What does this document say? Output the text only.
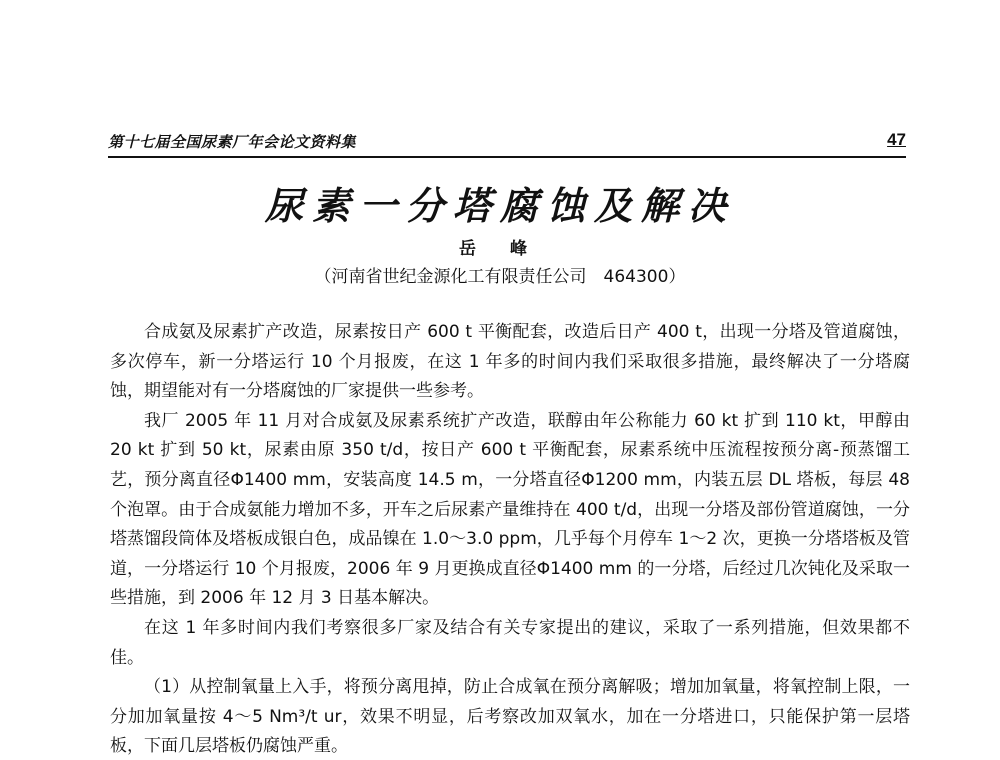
第十七届全国尿素厂年会论文资料集	47
尿素一分塔腐蚀及解决
岳 峰
（河南省世纪金源化工有限责任公司　464300）

合成氨及尿素扩产改造，尿素按日产 600 t 平衡配套，改造后日产 400 t，出现一分塔及管道腐蚀，多次停车，新一分塔运行 10 个月报废，在这 1 年多的时间内我们采取很多措施，最终解决了一分塔腐蚀，期望能对有一分塔腐蚀的厂家提供一些参考。

我厂 2005 年 11 月对合成氨及尿素系统扩产改造，联醇由年公称能力 60 kt 扩到 110 kt，甲醇由 20 kt 扩到 50 kt，尿素由原 350 t/d，按日产 600 t 平衡配套，尿素系统中压流程按预分离-预蒸馏工艺，预分离直径Φ1400 mm，安装高度 14.5 m，一分塔直径Φ1200 mm，内装五层 DL 塔板，每层 48 个泡罩。由于合成氨能力增加不多，开车之后尿素产量维持在 400 t/d，出现一分塔及部份管道腐蚀，一分塔蒸馏段筒体及塔板成银白色，成品镍在 1.0～3.0 ppm，几乎每个月停车 1～2 次，更换一分塔塔板及管道，一分塔运行 10 个月报废，2006 年 9 月更换成直径Φ1400 mm 的一分塔，后经过几次钝化及采取一些措施，到 2006 年 12 月 3 日基本解决。

在这 1 年多时间内我们考察很多厂家及结合有关专家提出的建议，采取了一系列措施，但效果都不佳。

（1）从控制氧量上入手，将预分离甩掉，防止合成氧在预分离解吸；增加加氧量，将氧控制上限，一分加加氧量按 4～5 Nm³/t ur，效果不明显，后考察改加双氧水，加在一分塔进口，只能保护第一层塔板，下面几层塔板仍腐蚀严重。
